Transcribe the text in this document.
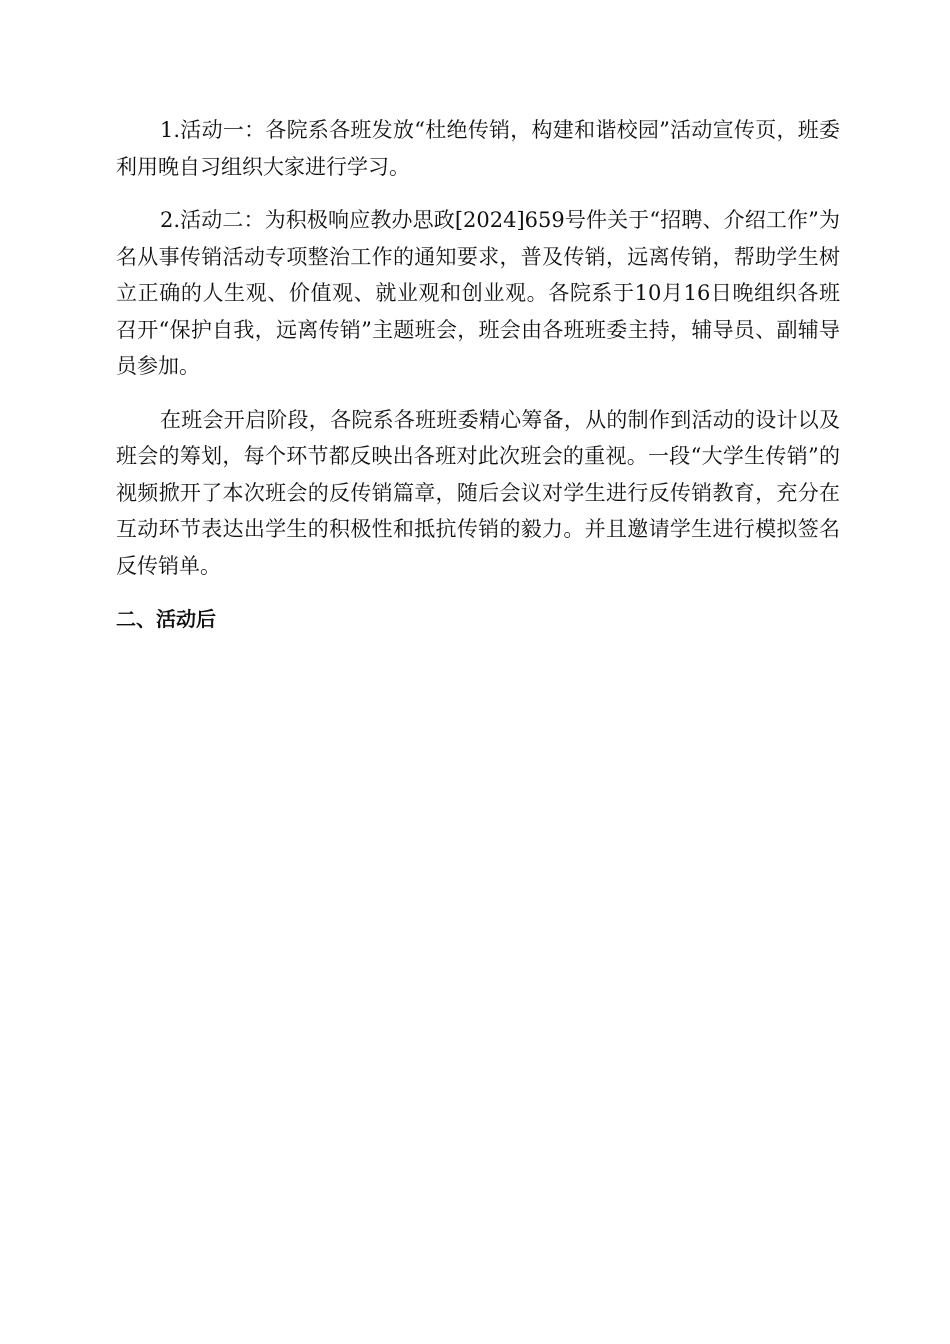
1.活动一：各院系各班发放“杜绝传销，构建和谐校园”活动宣传页，班委利用晚自习组织大家进行学习。

2.活动二：为积极响应教办思政[2024]659号件关于“招聘、介绍工作”为名从事传销活动专项整治工作的通知要求，普及传销，远离传销，帮助学生树立正确的人生观、价值观、就业观和创业观。各院系于10月16日晚组织各班召开“保护自我，远离传销”主题班会，班会由各班班委主持，辅导员、副辅导员参加。

在班会开启阶段，各院系各班班委精心筹备，从的制作到活动的设计以及班会的筹划，每个环节都反映出各班对此次班会的重视。一段“大学生传销”的视频掀开了本次班会的反传销篇章，随后会议对学生进行反传销教育，充分在互动环节表达出学生的积极性和抵抗传销的毅力。并且邀请学生进行模拟签名反传销单。

二、活动后
